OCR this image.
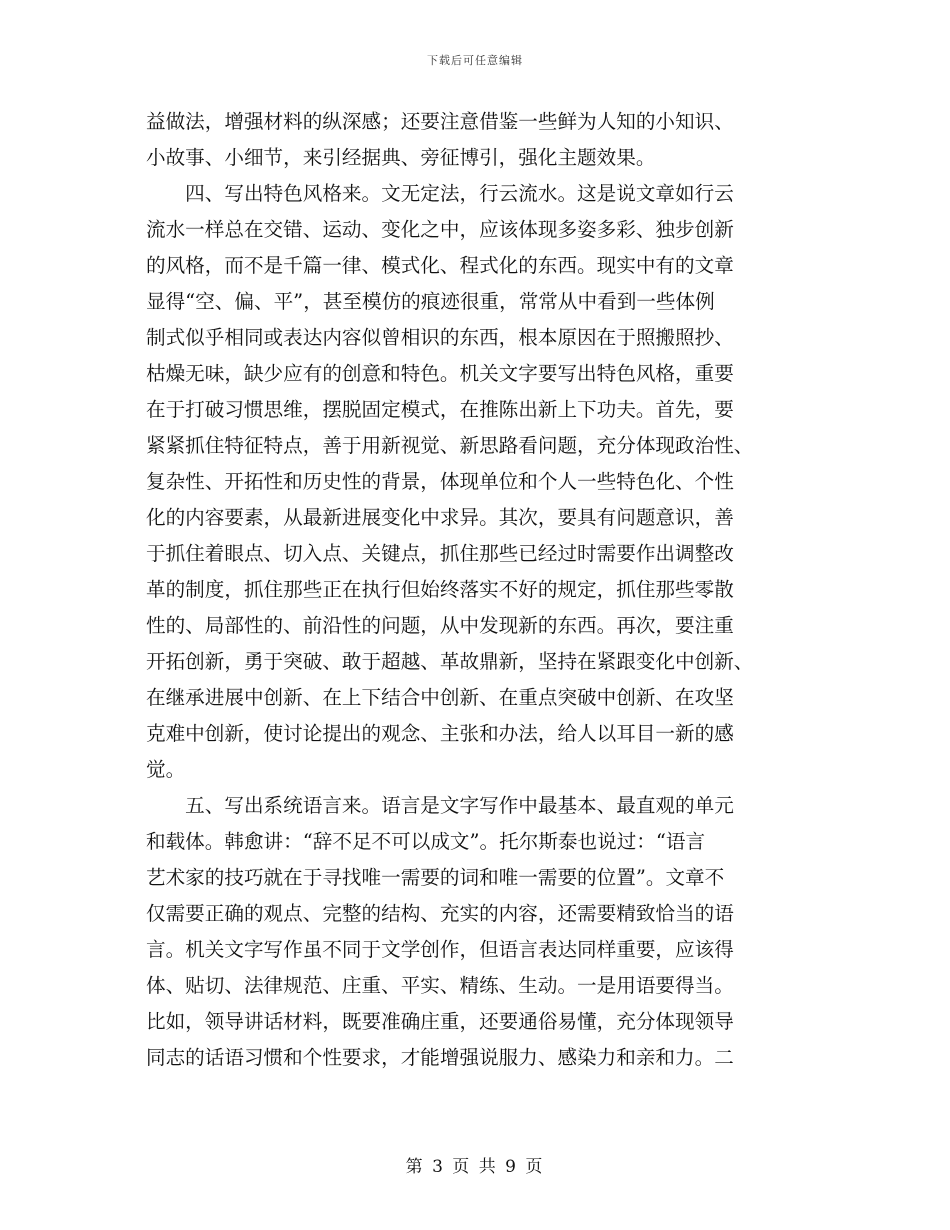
下载后可任意编辑
益做法，增强材料的纵深感；还要注意借鉴一些鲜为人知的小知识、
小故事、小细节，来引经据典、旁征博引，强化主题效果。
　　四、写出特色风格来。文无定法，行云流水。这是说文章如行云
流水一样总在交错、运动、变化之中，应该体现多姿多彩、独步创新
的风格，而不是千篇一律、模式化、程式化的东西。现实中有的文章
显得“空、偏、平”，甚至模仿的痕迹很重，常常从中看到一些体例
制式似乎相同或表达内容似曾相识的东西，根本原因在于照搬照抄、
枯燥无味，缺少应有的创意和特色。机关文字要写出特色风格，重要
在于打破习惯思维，摆脱固定模式，在推陈出新上下功夫。首先，要
紧紧抓住特征特点，善于用新视觉、新思路看问题，充分体现政治性、
复杂性、开拓性和历史性的背景，体现单位和个人一些特色化、个性
化的内容要素，从最新进展变化中求异。其次，要具有问题意识，善
于抓住着眼点、切入点、关键点，抓住那些已经过时需要作出调整改
革的制度，抓住那些正在执行但始终落实不好的规定，抓住那些零散
性的、局部性的、前沿性的问题，从中发现新的东西。再次，要注重
开拓创新，勇于突破、敢于超越、革故鼎新，坚持在紧跟变化中创新、
在继承进展中创新、在上下结合中创新、在重点突破中创新、在攻坚
克难中创新，使讨论提出的观念、主张和办法，给人以耳目一新的感
觉。
　　五、写出系统语言来。语言是文字写作中最基本、最直观的单元
和载体。韩愈讲：“辞不足不可以成文”。托尔斯泰也说过：“语言
艺术家的技巧就在于寻找唯一需要的词和唯一需要的位置”。文章不
仅需要正确的观点、完整的结构、充实的内容，还需要精致恰当的语
言。机关文字写作虽不同于文学创作，但语言表达同样重要，应该得
体、贴切、法律规范、庄重、平实、精练、生动。一是用语要得当。
比如，领导讲话材料，既要准确庄重，还要通俗易懂，充分体现领导
同志的话语习惯和个性要求，才能增强说服力、感染力和亲和力。二
第 3 页 共 9 页
